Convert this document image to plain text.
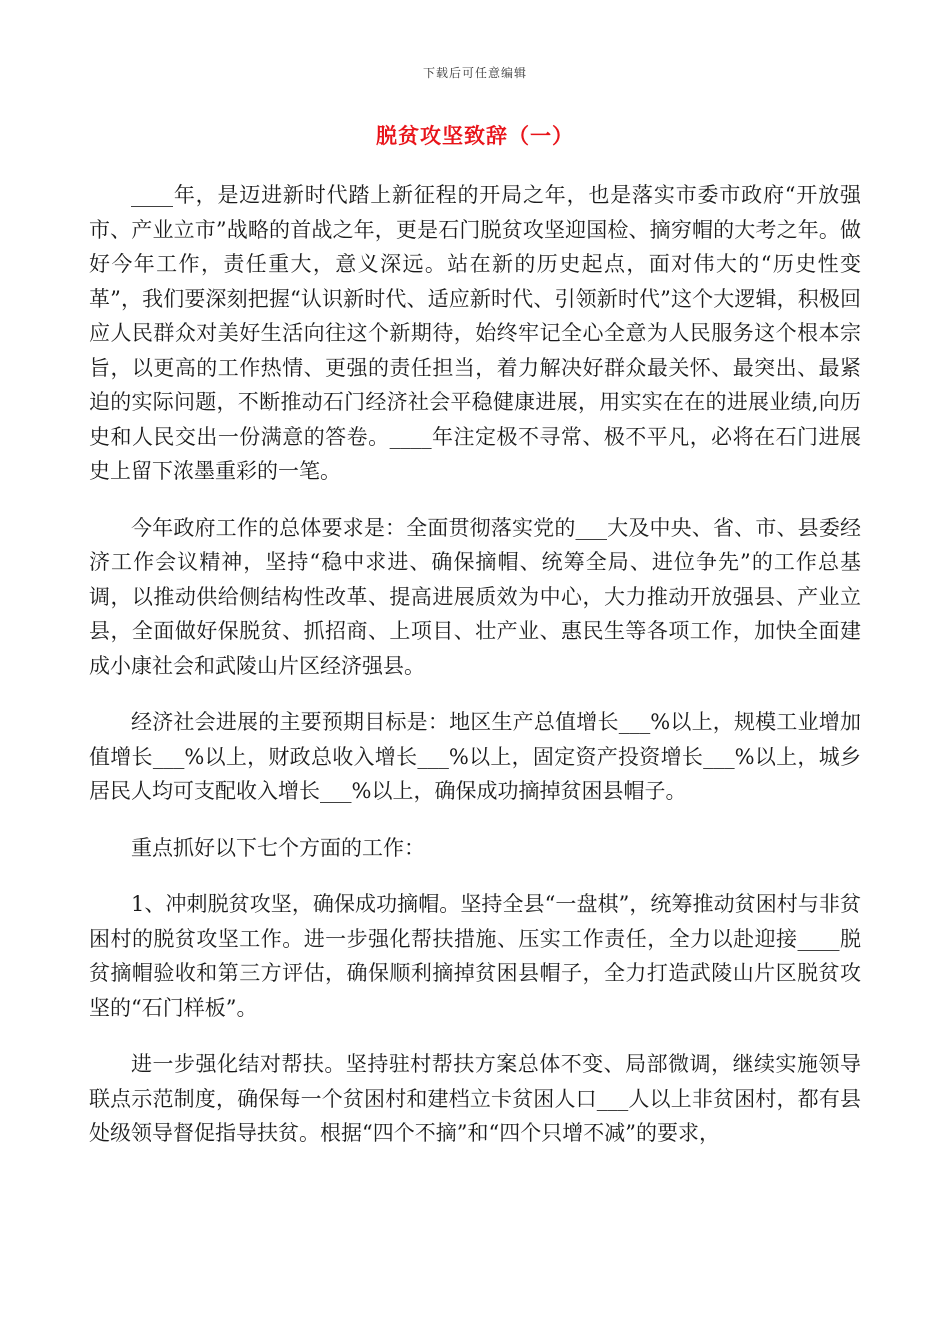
下载后可任意编辑
脱贫攻坚致辞（一）

____年，是迈进新时代踏上新征程的开局之年，也是落实市委市政府“开放强市、产业立市”战略的首战之年，更是石门脱贫攻坚迎国检、摘穷帽的大考之年。做好今年工作，责任重大，意义深远。站在新的历史起点，面对伟大的“历史性变革”，我们要深刻把握“认识新时代、适应新时代、引领新时代”这个大逻辑，积极回应人民群众对美好生活向往这个新期待，始终牢记全心全意为人民服务这个根本宗旨，以更高的工作热情、更强的责任担当，着力解决好群众最关怀、最突出、最紧迫的实际问题，不断推动石门经济社会平稳健康进展，用实实在在的进展业绩,向历史和人民交出一份满意的答卷。____年注定极不寻常、极不平凡，必将在石门进展史上留下浓墨重彩的一笔。

今年政府工作的总体要求是：全面贯彻落实党的___大及中央、省、市、县委经济工作会议精神，坚持“稳中求进、确保摘帽、统筹全局、进位争先”的工作总基调，以推动供给侧结构性改革、提高进展质效为中心，大力推动开放强县、产业立县，全面做好保脱贫、抓招商、上项目、壮产业、惠民生等各项工作，加快全面建成小康社会和武陵山片区经济强县。

经济社会进展的主要预期目标是：地区生产总值增长___%以上，规模工业增加值增长___%以上，财政总收入增长___%以上，固定资产投资增长___%以上，城乡居民人均可支配收入增长___%以上，确保成功摘掉贫困县帽子。

重点抓好以下七个方面的工作：

1、冲刺脱贫攻坚，确保成功摘帽。坚持全县“一盘棋”，统筹推动贫困村与非贫困村的脱贫攻坚工作。进一步强化帮扶措施、压实工作责任，全力以赴迎接____脱贫摘帽验收和第三方评估，确保顺利摘掉贫困县帽子，全力打造武陵山片区脱贫攻坚的“石门样板”。

进一步强化结对帮扶。坚持驻村帮扶方案总体不变、局部微调，继续实施领导联点示范制度，确保每一个贫困村和建档立卡贫困人口___人以上非贫困村，都有县处级领导督促指导扶贫。根据“四个不摘”和“四个只增不减”的要求，
